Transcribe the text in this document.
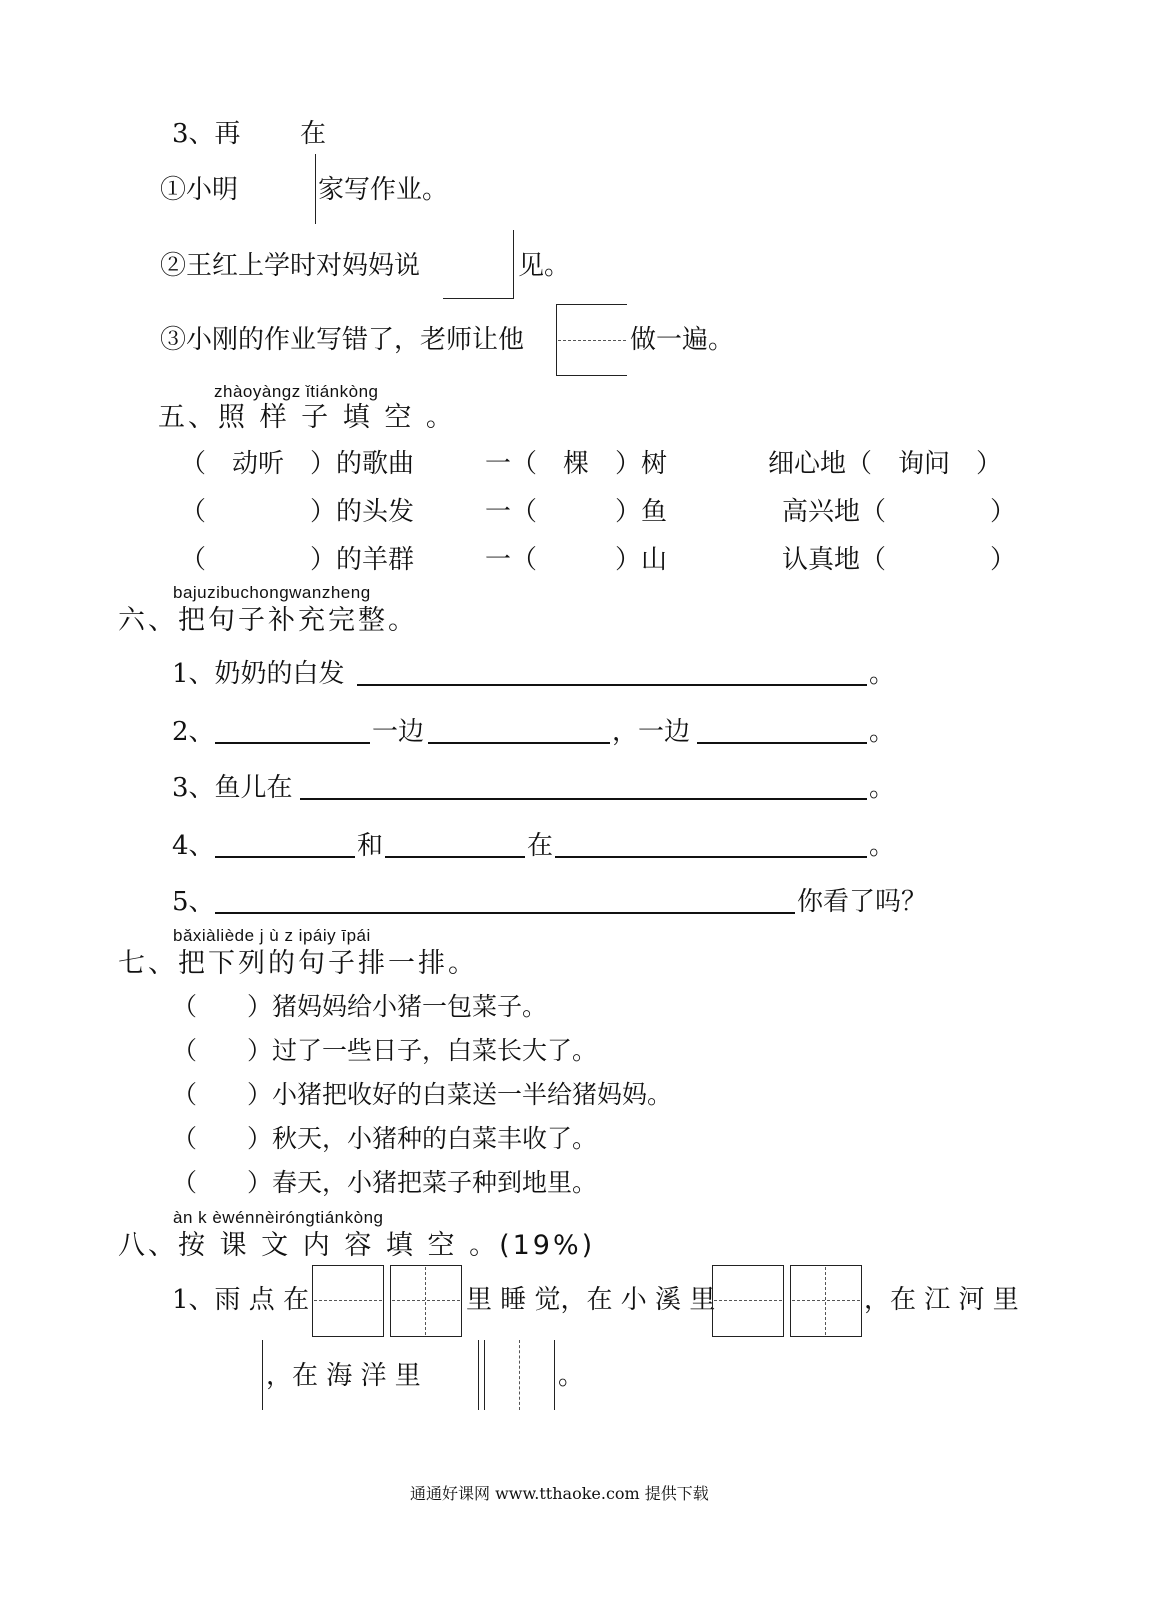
3、再 在
①小明	家写作业。
②王红上学时对妈妈说	见。
③小刚的作业写错了，老师让他	做一遍。
zhàoyàngz ǐtiánkòng
五、照 样 子 填 空 。
（　动听　）的歌曲	一（　棵　）树	细心地（　询问　）
（　　　　）的头发	一（　　　）鱼	高兴地（　　　　）
（　　　　）的羊群	一（　　　）山	认真地（　　　　）
bajuzibuchongwanzheng
六、把句子补充完整。
1、奶奶的白发	。
2、	一边	，一边	。
3、鱼儿在	。
4、	和	在	。
5、	你看了吗？
bǎxiàliède j ù z ipáiy īpái
七、把下列的句子排一排。
（　　）猪妈妈给小猪一包菜子。
（　　）过了一些日子，白菜长大了。
（　　）小猪把收好的白菜送一半给猪妈妈。
（　　）秋天，小猪种的白菜丰收了。
（　　）春天，小猪把菜子种到地里。
àn k èwénnèiróngtiánkòng
八、按 课 文 内 容 填 空 。(19%)
1、雨 点 在	里 睡 觉，在 小 溪 里	，在 江 河 里
，在 海 洋 里	。
通通好课网 www.tthaoke.com 提供下载
